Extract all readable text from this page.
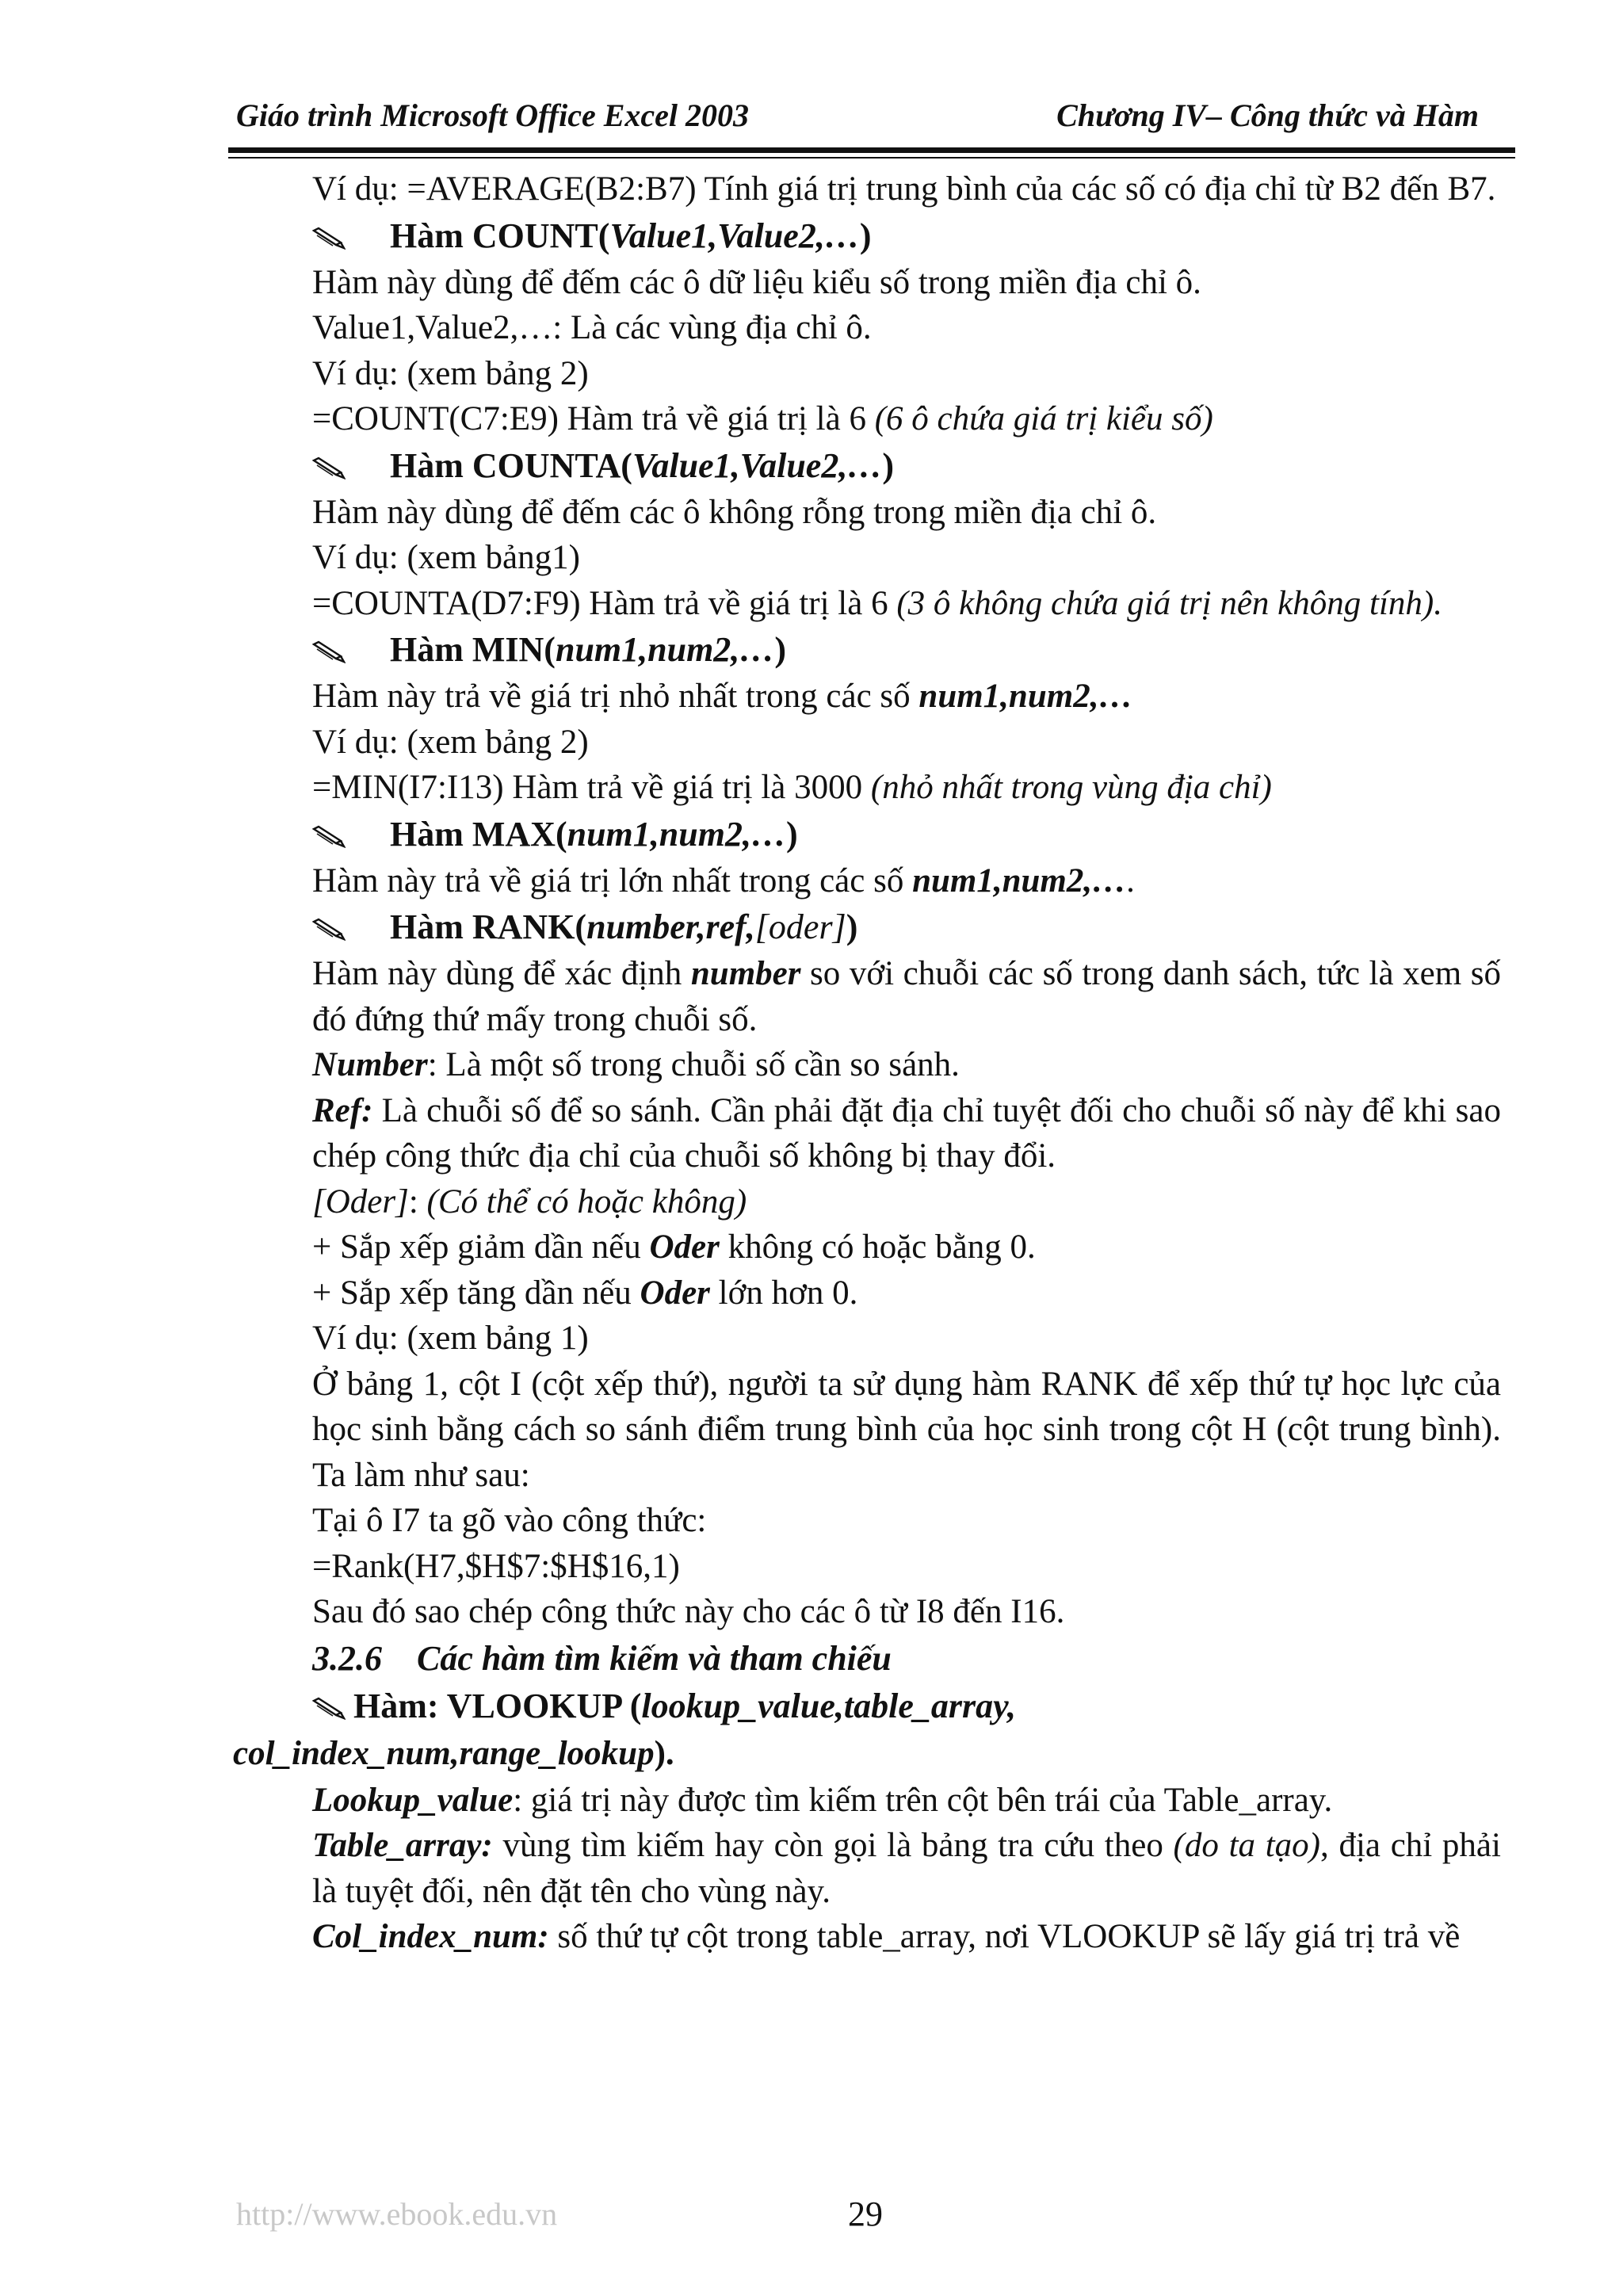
Giáo trình Microsoft Office Excel 2003	Chương IV– Công thức và Hàm

Ví dụ: =AVERAGE(B2:B7) Tính giá trị trung bình của các số có địa chỉ từ B2 đến B7.

Hàm COUNT(Value1,Value2,…)

Hàm này dùng để đếm các ô dữ liệu kiểu số trong miền địa chỉ ô.

Value1,Value2,…: Là các vùng địa chỉ ô.

Ví dụ: (xem bảng 2)

=COUNT(C7:E9) Hàm trả về giá trị là 6 (6 ô chứa giá trị kiểu số)

Hàm COUNTA(Value1,Value2,…)

Hàm này dùng để đếm các ô không rỗng trong miền địa chỉ ô.

Ví dụ: (xem bảng1)

=COUNTA(D7:F9) Hàm trả về giá trị là 6 (3 ô không chứa giá trị nên không tính).

Hàm MIN(num1,num2,…)

Hàm này trả về giá trị nhỏ nhất trong các số num1,num2,…

Ví dụ: (xem bảng 2)

=MIN(I7:I13) Hàm trả về giá trị là 3000 (nhỏ nhất trong vùng địa chỉ)

Hàm MAX(num1,num2,…)

Hàm này trả về giá trị lớn nhất trong các số num1,num2,….

Hàm RANK(number,ref,[oder])

Hàm này dùng để xác định number so với chuỗi các số trong danh sách, tức là xem số đó đứng thứ mấy trong chuỗi số.

Number: Là một số trong chuỗi số cần so sánh.

Ref: Là chuỗi số để so sánh. Cần phải đặt địa chỉ tuyệt đối cho chuỗi số này để khi sao chép công thức địa chỉ của chuỗi số không bị thay đổi.

[Oder]: (Có thể có hoặc không)

+ Sắp xếp giảm dần nếu Oder không có hoặc bằng 0.

+ Sắp xếp tăng dần nếu Oder lớn hơn 0.

Ví dụ: (xem bảng 1)

Ở bảng 1, cột I (cột xếp thứ), người ta sử dụng hàm RANK để xếp thứ tự học lực của học sinh bằng cách so sánh điểm trung bình của học sinh trong cột H (cột trung bình). Ta làm như sau:

Tại ô I7 ta gõ vào công thức:

=Rank(H7,$H$7:$H$16,1)

Sau đó sao chép công thức này cho các ô từ I8 đến I16.

3.2.6 Các hàm tìm kiếm và tham chiếu
Hàm: VLOOKUP (lookup_value,table_array,
col_index_num,range_lookup).

Lookup_value: giá trị này được tìm kiếm trên cột bên trái của Table_array.

Table_array: vùng tìm kiếm hay còn gọi là bảng tra cứu theo (do ta tạo), địa chỉ phải là tuyệt đối, nên đặt tên cho vùng này.

Col_index_num: số thứ tự cột trong table_array, nơi VLOOKUP sẽ lấy giá trị trả về

http://www.ebook.edu.vn	29
